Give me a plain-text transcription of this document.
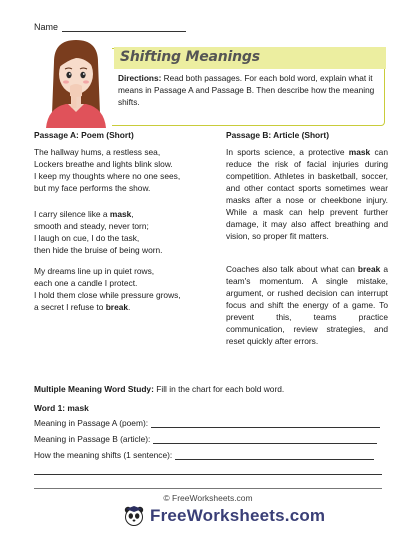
Name
Shifting Meanings
Directions: Read both passages. For each bold word, explain what it means in Passage A and Passage B. Then describe how the meaning shifts.
Passage A: Poem (Short)
The hallway hums, a restless sea,
Lockers breathe and lights blink slow.
I keep my thoughts where no one sees,
but my face performs the show.
I carry silence like a mask,
smooth and steady, never torn;
I laugh on cue, I do the task,
then hide the bruise of being worn.
My dreams line up in quiet rows,
each one a candle I protect.
I hold them close while pressure grows,
a secret I refuse to break.
Passage B: Article (Short)
In sports science, a protective mask can reduce the risk of facial injuries during competition. Athletes in basketball, soccer, and other contact sports sometimes wear masks after a nose or cheekbone injury. While a mask can help prevent further damage, it may also affect breathing and vision, so proper fit matters.
Coaches also talk about what can break a team's momentum. A single mistake, argument, or rushed decision can interrupt focus and shift the energy of a game. To prevent this, teams practice communication, review strategies, and reset quickly after errors.
Multiple Meaning Word Study: Fill in the chart for each bold word.
Word 1: mask
Meaning in Passage A (poem):
Meaning in Passage B (article):
How the meaning shifts (1 sentence):
© FreeWorksheets.com
FreeWorksheets.com
